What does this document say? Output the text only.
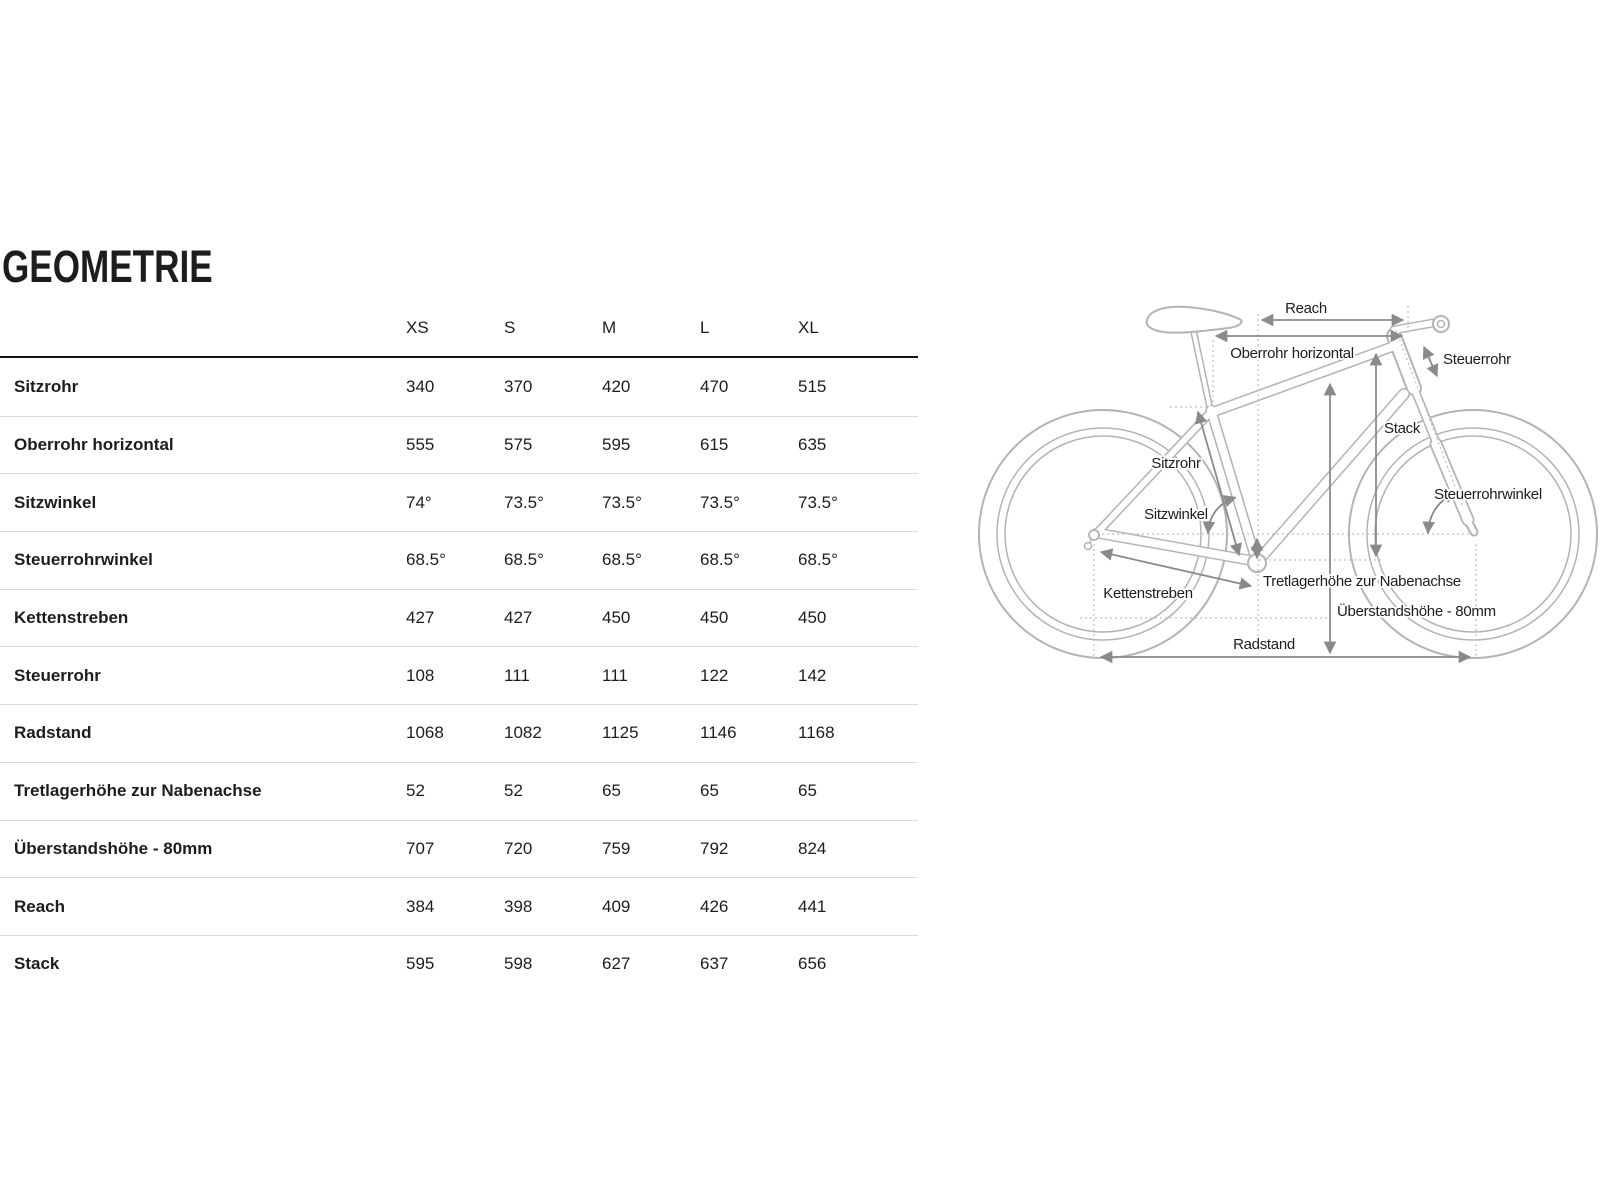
GEOMETRIE
XS	S	M	L	XL
Sitzrohr	340	370	420	470	515
Oberrohr horizontal	555	575	595	615	635
Sitzwinkel	74°	73.5°	73.5°	73.5°	73.5°
Steuerrohrwinkel	68.5°	68.5°	68.5°	68.5°	68.5°
Kettenstreben	427	427	450	450	450
Steuerrohr	108	111	111	122	142
Radstand	1068	1082	1125	1146	1168
Tretlagerhöhe zur Nabenachse	52	52	65	65	65
Überstandshöhe - 80mm	707	720	759	792	824
Reach	384	398	409	426	441
Stack	595	598	627	637	656
Reach
Oberrohr horizontal	Steuerrohr
Stack
Sitzrohr
Sitzwinkel
Steuerrohrwinkel
Kettenstreben
Tretlagerhöhe zur Nabenachse
Überstandshöhe - 80mm
Radstand
